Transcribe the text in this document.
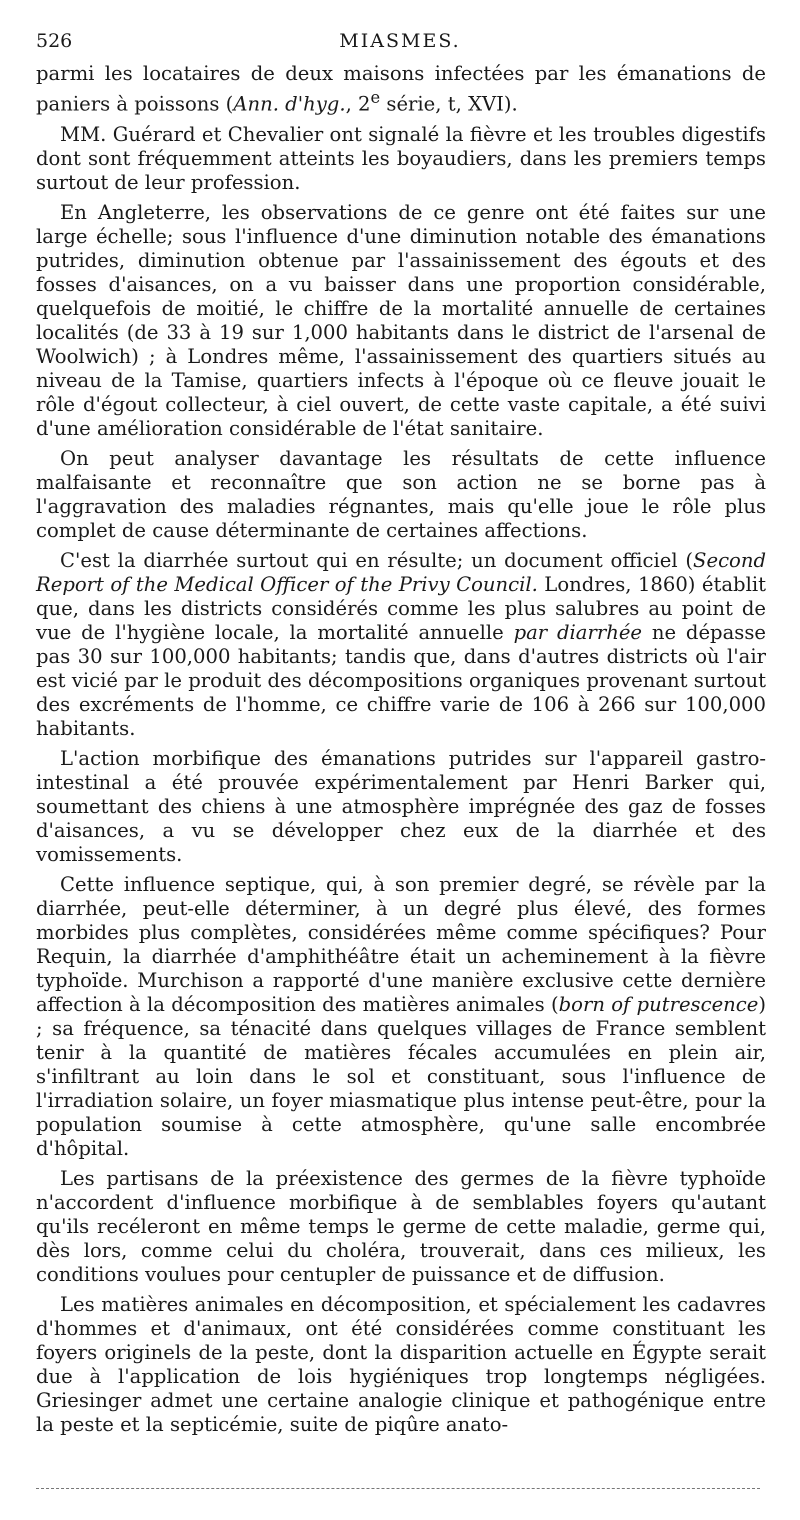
526	MIASMES.

parmi les locataires de deux maisons infectées par les émanations de paniers à poissons (Ann. d'hyg., 2e série, t, XVI).

MM. Guérard et Chevalier ont signalé la fièvre et les troubles digestifs dont sont fréquemment atteints les boyaudiers, dans les premiers temps surtout de leur profession.

En Angleterre, les observations de ce genre ont été faites sur une large échelle; sous l'influence d'une diminution notable des émanations putrides, diminution obtenue par l'assainissement des égouts et des fosses d'aisances, on a vu baisser dans une proportion considérable, quelquefois de moitié, le chiffre de la mortalité annuelle de certaines localités (de 33 à 19 sur 1,000 habitants dans le district de l'arsenal de Woolwich) ; à Londres même, l'assainissement des quartiers situés au niveau de la Tamise, quartiers infects à l'époque où ce fleuve jouait le rôle d'égout collecteur, à ciel ouvert, de cette vaste capitale, a été suivi d'une amélioration considérable de l'état sanitaire.

On peut analyser davantage les résultats de cette influence malfaisante et reconnaître que son action ne se borne pas à l'aggravation des maladies régnantes, mais qu'elle joue le rôle plus complet de cause déterminante de certaines affections.

C'est la diarrhée surtout qui en résulte; un document officiel (Second Report of the Medical Officer of the Privy Council. Londres, 1860) établit que, dans les districts considérés comme les plus salubres au point de vue de l'hygiène locale, la mortalité annuelle par diarrhée ne dépasse pas 30 sur 100,000 habitants; tandis que, dans d'autres districts où l'air est vicié par le produit des décompositions organiques provenant surtout des excréments de l'homme, ce chiffre varie de 106 à 266 sur 100,000 habitants.

L'action morbifique des émanations putrides sur l'appareil gastro-intestinal a été prouvée expérimentalement par Henri Barker qui, soumettant des chiens à une atmosphère imprégnée des gaz de fosses d'aisances, a vu se développer chez eux de la diarrhée et des vomissements.

Cette influence septique, qui, à son premier degré, se révèle par la diarrhée, peut-elle déterminer, à un degré plus élevé, des formes morbides plus complètes, considérées même comme spécifiques? Pour Requin, la diarrhée d'amphithéâtre était un acheminement à la fièvre typhoïde. Murchison a rapporté d'une manière exclusive cette dernière affection à la décomposition des matières animales (born of putrescence) ; sa fréquence, sa ténacité dans quelques villages de France semblent tenir à la quantité de matières fécales accumulées en plein air, s'infiltrant au loin dans le sol et constituant, sous l'influence de l'irradiation solaire, un foyer miasmatique plus intense peut-être, pour la population soumise à cette atmosphère, qu'une salle encombrée d'hôpital.

Les partisans de la préexistence des germes de la fièvre typhoïde n'accordent d'influence morbifique à de semblables foyers qu'autant qu'ils recéleront en même temps le germe de cette maladie, germe qui, dès lors, comme celui du choléra, trouverait, dans ces milieux, les conditions voulues pour centupler de puissance et de diffusion.

Les matières animales en décomposition, et spécialement les cadavres d'hommes et d'animaux, ont été considérées comme constituant les foyers originels de la peste, dont la disparition actuelle en Égypte serait due à l'application de lois hygiéniques trop longtemps négligées. Griesinger admet une certaine analogie clinique et pathogénique entre la peste et la septicémie, suite de piqûre anato-
